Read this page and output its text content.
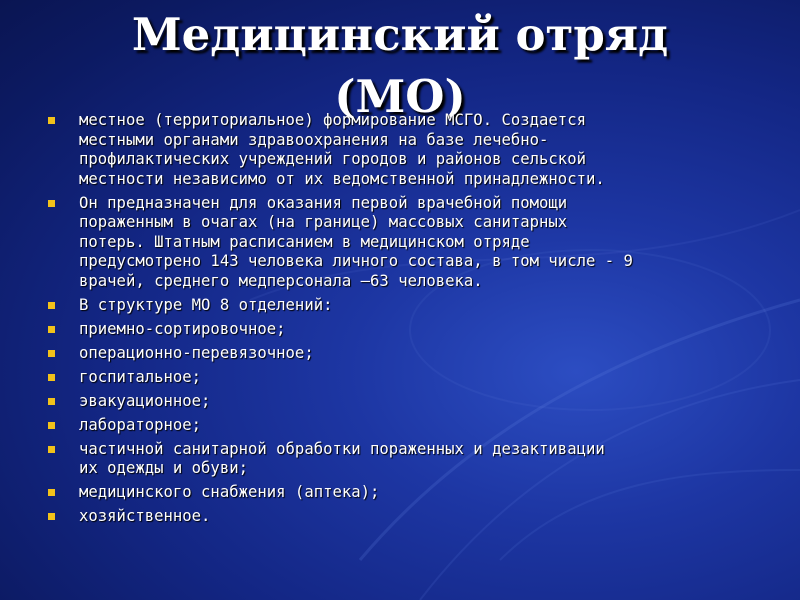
Медицинский отряд
(МО)
местное (территориальное) формирование МСГО. Создается
местными органами здравоохранения на базе лечебно-
профилактических учреждений городов и районов сельской
местности независимо от их ведомственной принадлежности.
Он предназначен для оказания первой врачебной помощи
пораженным в очагах (на границе) массовых санитарных
потерь. Штатным расписанием в медицинском отряде
предусмотрено 143 человека личного состава, в том числе - 9
врачей, среднего медперсонала –63 человека.
В структуре МО 8 отделений:
приемно-сортировочное;
операционно-перевязочное;
госпитальное;
эвакуационное;
лабораторное;
частичной санитарной обработки пораженных и дезактивации
их одежды и обуви;
медицинского снабжения (аптека);
хозяйственное.
